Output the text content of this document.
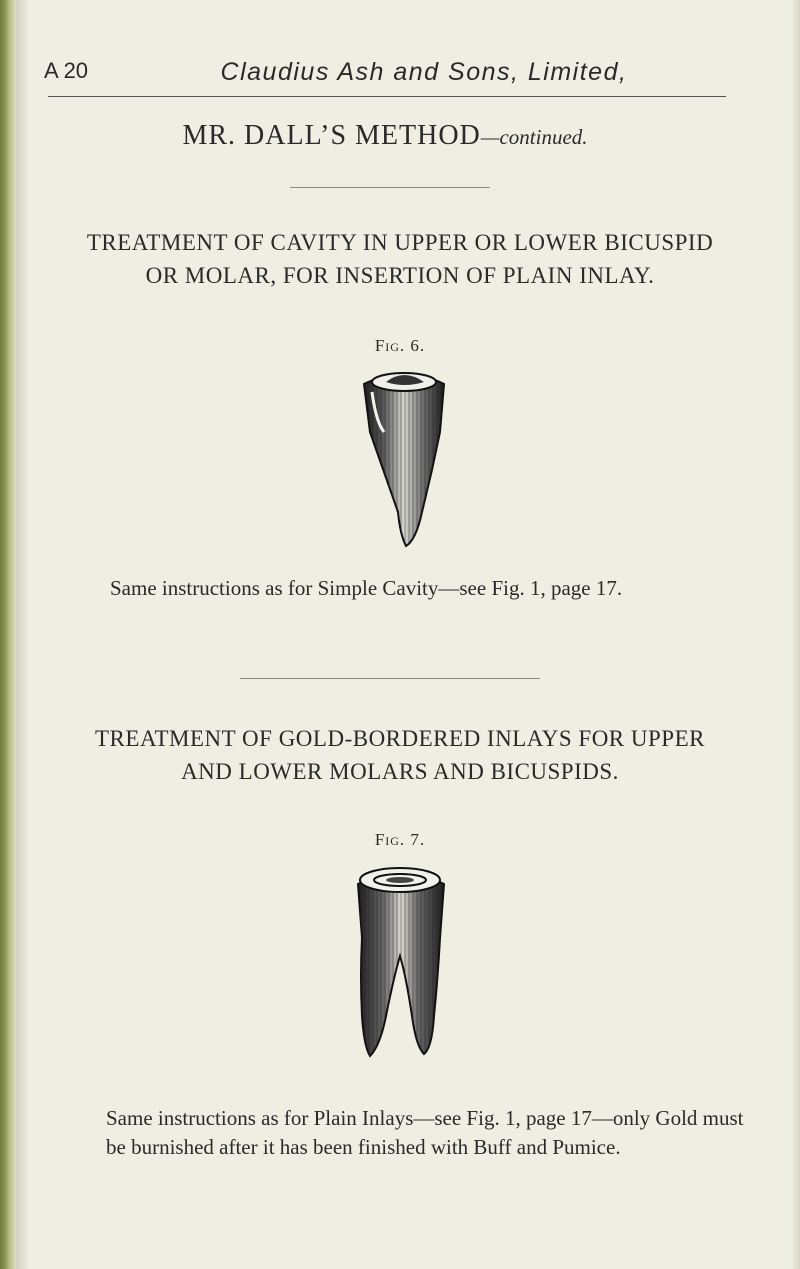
A 20	Claudius Ash and Sons, Limited,
MR. DALL’S METHOD—continued.
TREATMENT OF CAVITY IN UPPER OR LOWER BICUSPID
OR MOLAR, FOR INSERTION OF PLAIN INLAY.
Fig. 6.
Same instructions as for Simple Cavity—see Fig. 1, page 17.
TREATMENT OF GOLD-BORDERED INLAYS FOR UPPER
AND LOWER MOLARS AND BICUSPIDS.
Fig. 7.
Same instructions as for Plain Inlays—see Fig. 1, page 17—only Gold must
be burnished after it has been finished with Buff and Pumice.
